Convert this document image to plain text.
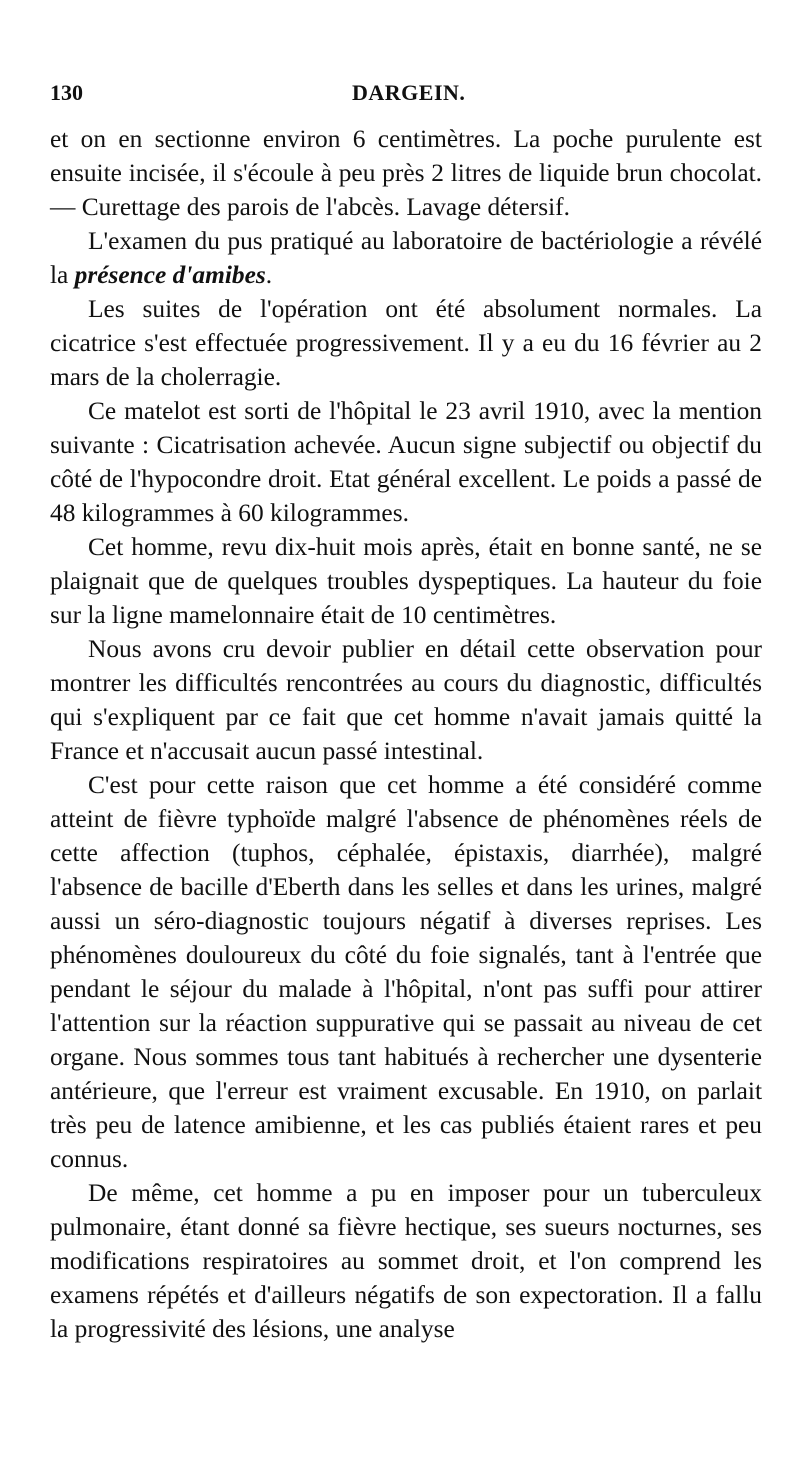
130	DARGEIN.

et on en sectionne environ 6 centimètres. La poche purulente est ensuite incisée, il s'écoule à peu près 2 litres de liquide brun chocolat. — Curettage des parois de l'abcès. Lavage détersif.

L'examen du pus pratiqué au laboratoire de bactériologie a révélé la présence d'amibes.

Les suites de l'opération ont été absolument normales. La cicatrice s'est effectuée progressivement. Il y a eu du 16 février au 2 mars de la cholerragie.

Ce matelot est sorti de l'hôpital le 23 avril 1910, avec la mention suivante : Cicatrisation achevée. Aucun signe subjectif ou objectif du côté de l'hypocondre droit. Etat général excellent. Le poids a passé de 48 kilogrammes à 60 kilogrammes.

Cet homme, revu dix-huit mois après, était en bonne santé, ne se plaignait que de quelques troubles dyspeptiques. La hauteur du foie sur la ligne mamelonnaire était de 10 centimètres.

Nous avons cru devoir publier en détail cette observation pour montrer les difficultés rencontrées au cours du diagnostic, difficultés qui s'expliquent par ce fait que cet homme n'avait jamais quitté la France et n'accusait aucun passé intestinal.

C'est pour cette raison que cet homme a été considéré comme atteint de fièvre typhoïde malgré l'absence de phénomènes réels de cette affection (tuphos, céphalée, épistaxis, diarrhée), malgré l'absence de bacille d'Eberth dans les selles et dans les urines, malgré aussi un séro-diagnostic toujours négatif à diverses reprises. Les phénomènes douloureux du côté du foie signalés, tant à l'entrée que pendant le séjour du malade à l'hôpital, n'ont pas suffi pour attirer l'attention sur la réaction suppurative qui se passait au niveau de cet organe. Nous sommes tous tant habitués à rechercher une dysenterie antérieure, que l'erreur est vraiment excusable. En 1910, on parlait très peu de latence amibienne, et les cas publiés étaient rares et peu connus.

De même, cet homme a pu en imposer pour un tuberculeux pulmonaire, étant donné sa fièvre hectique, ses sueurs nocturnes, ses modifications respiratoires au sommet droit, et l'on comprend les examens répétés et d'ailleurs négatifs de son expectoration. Il a fallu la progressivité des lésions, une analyse
